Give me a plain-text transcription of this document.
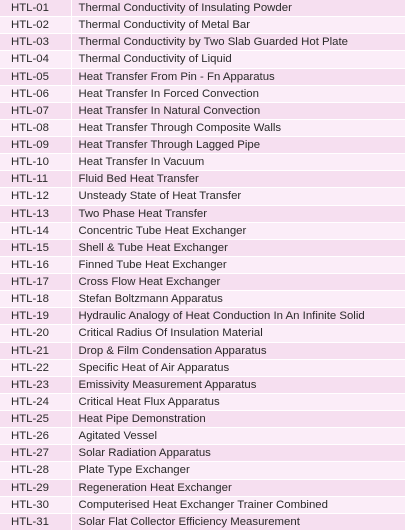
HTL-01	Thermal Conductivity of Insulating Powder
HTL-02	Thermal Conductivity of Metal Bar
HTL-03	Thermal Conductivity by Two Slab Guarded Hot Plate
HTL-04	Thermal Conductivity of Liquid
HTL-05	Heat Transfer From Pin - Fn Apparatus
HTL-06	Heat Transfer In Forced Convection
HTL-07	Heat Transfer In Natural Convection
HTL-08	Heat Transfer Through Composite Walls
HTL-09	Heat Transfer Through Lagged Pipe
HTL-10	Heat Transfer In Vacuum
HTL-11	Fluid Bed Heat Transfer
HTL-12	Unsteady State of Heat Transfer
HTL-13	Two Phase Heat Transfer
HTL-14	Concentric Tube Heat Exchanger
HTL-15	Shell & Tube Heat Exchanger
HTL-16	Finned Tube Heat Exchanger
HTL-17	Cross Flow Heat Exchanger
HTL-18	Stefan Boltzmann Apparatus
HTL-19	Hydraulic Analogy of Heat Conduction In An Infinite Solid
HTL-20	Critical Radius Of Insulation Material
HTL-21	Drop & Film Condensation Apparatus
HTL-22	Specific Heat of Air Apparatus
HTL-23	Emissivity Measurement Apparatus
HTL-24	Critical Heat Flux Apparatus
HTL-25	Heat Pipe Demonstration
HTL-26	Agitated Vessel
HTL-27	Solar Radiation Apparatus
HTL-28	Plate Type Exchanger
HTL-29	Regeneration Heat Exchanger
HTL-30	Computerised Heat Exchanger Trainer Combined
HTL-31	Solar Flat Collector Efficiency Measurement
